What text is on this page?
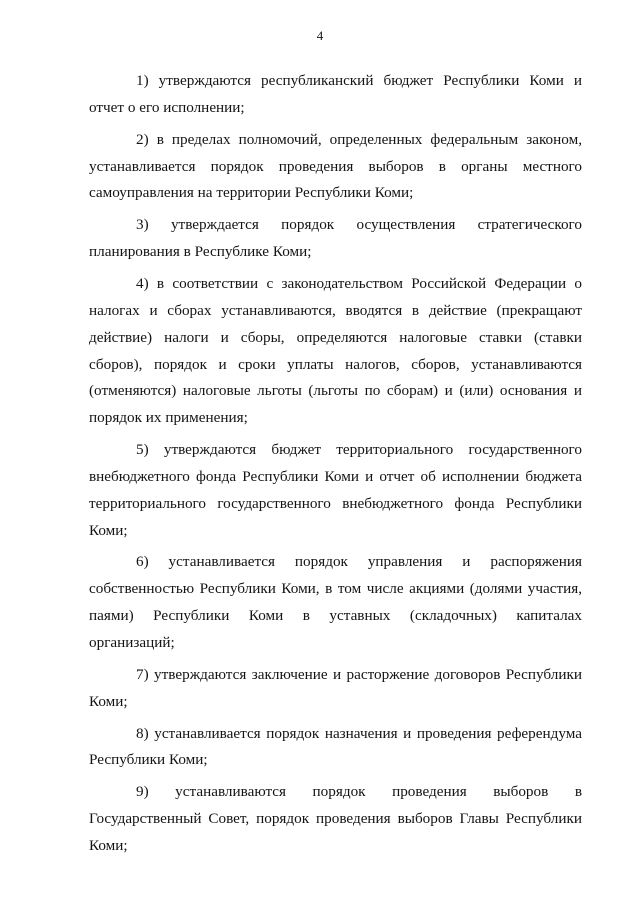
4
1) утверждаются республиканский бюджет Республики Коми и
отчет о его исполнении;
2) в пределах полномочий, определенных федеральным законом,
устанавливается порядок проведения выборов в органы местного
самоуправления на территории Республики Коми;
3) утверждается порядок осуществления стратегического
планирования в Республике Коми;
4) в соответствии с законодательством Российской Федерации о
налогах и сборах устанавливаются, вводятся в действие (прекращают
действие) налоги и сборы, определяются налоговые ставки (ставки
сборов), порядок и сроки уплаты налогов, сборов, устанавливаются
(отменяются) налоговые льготы (льготы по сборам) и (или) основания и
порядок их применения;
5) утверждаются бюджет территориального государственного
внебюджетного фонда Республики Коми и отчет об исполнении бюджета
территориального государственного внебюджетного фонда Республики
Коми;
6) устанавливается порядок управления и распоряжения
собственностью Республики Коми, в том числе акциями (долями участия,
паями) Республики Коми в уставных (складочных) капиталах
организаций;
7) утверждаются заключение и расторжение договоров Республики
Коми;
8) устанавливается порядок назначения и проведения референдума
Республики Коми;
9) устанавливаются порядок проведения выборов в
Государственный Совет, порядок проведения выборов Главы Республики
Коми;
